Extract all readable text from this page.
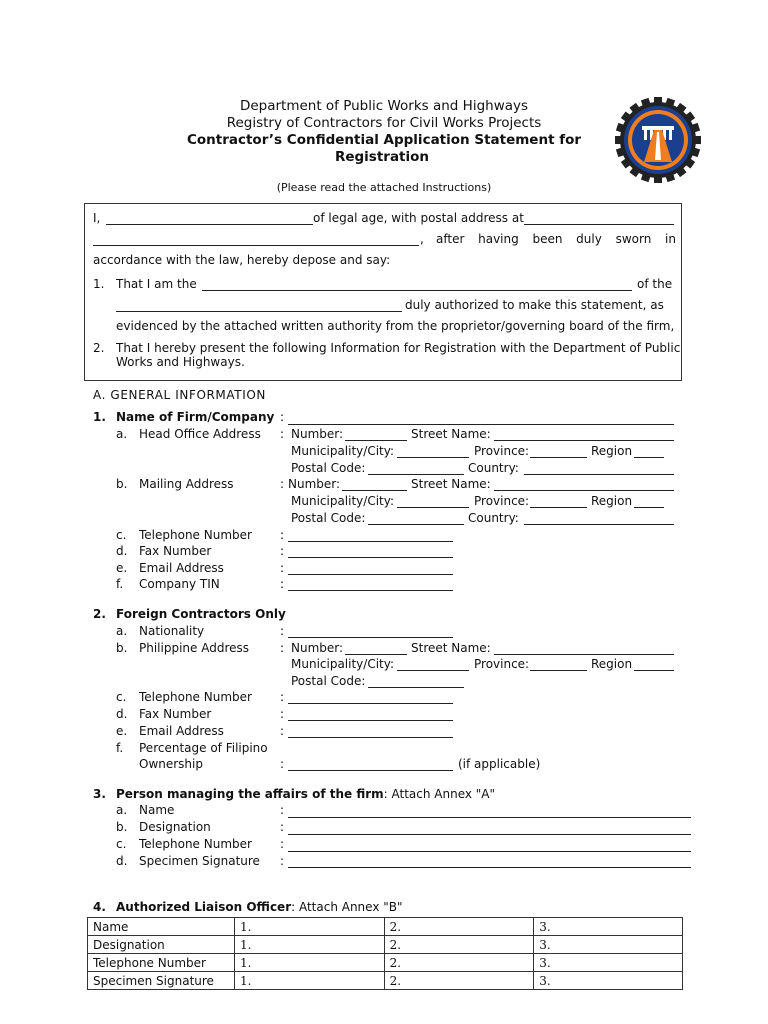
Department of Public Works and Highways
Registry of Contractors for Civil Works Projects
Contractor’s Confidential Application Statement for
Registration
(Please read the attached Instructions)
I,	of legal age, with postal address at
, after having been duly sworn in
accordance with the law, hereby depose and say:
1. That I am the	of the
duly authorized to make this statement, as
evidenced by the attached written authority from the proprietor/governing board of the firm,
2. That I hereby present the following Information for Registration with the Department of Public
Works and Highways.
A. GENERAL INFORMATION
1. Name of Firm/Company :
a. Head Office Address : Number:	Street Name:
Municipality/City:	Province:	Region
Postal Code:	Country:
b. Mailing Address	: Number:	Street Name:
Municipality/City:	Province:	Region
Postal Code:	Country:
c. Telephone Number :
d. Fax Number	:
e. Email Address	:
f. Company TIN	:
2. Foreign Contractors Only
a. Nationality	:
b. Philippine Address	: Number:	Street Name:
Municipality/City:	Province:	Region
Postal Code:
c. Telephone Number :
d. Fax Number	:
e. Email Address	:
f. Percentage of Filipino
Ownership	:	(if applicable)
3. Person managing the affairs of the firm: Attach Annex "A"
a. Name	:
b. Designation	:
c. Telephone Number :
d. Specimen Signature :
4. Authorized Liaison Officer: Attach Annex "B"
Name	1.	2.	3.
Designation	1.	2.	3.
Telephone Number	1.	2.	3.
Specimen Signature	1.	2.	3.
